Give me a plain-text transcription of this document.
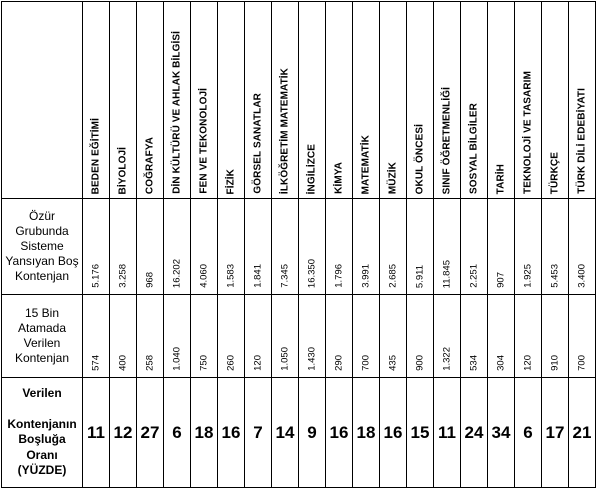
	BEDEN EĞİTİMİ	BİYOLOJİ	COĞRAFYA	DİN KÜLTÜRÜ VE AHLAK BİLGİSİ	FEN VE TEKONOLOJİ	FİZİK	GÖRSEL SANATLAR	İLKÖĞRETİM MATEMATİK	İNGİLİZCE	KİMYA	MATEMATİK	MÜZİK	OKUL ÖNCESİ	SINIF ÖĞRETMENLİĞİ	SOSYAL BİLGİLER	TARİH	TEKNOLOJİ VE TASARIM	TÜRKÇE	TÜRK DİLİ EDEBİYATI

Özür
Grubunda
Sisteme
Yansıyan Boş
Kontenjan	5.176	3.258	968	16.202	4.060	1.583	1.841	7.345	16.350	1.796	3.991	2.685	5.911	11.845	2.251	907	1.925	5.453	3.400

15 Bin
Atamada
Verilen
Kontenjan	574	400	258	1.040	750	260	120	1.050	1.430	290	700	435	900	1.322	534	304	120	910	700

Verilen
Kontenjanın
Boşluğa
Oranı
(YÜZDE)	11	12	27	6	18	16	7	14	9	16	18	16	15	11	24	34	6	17	21
